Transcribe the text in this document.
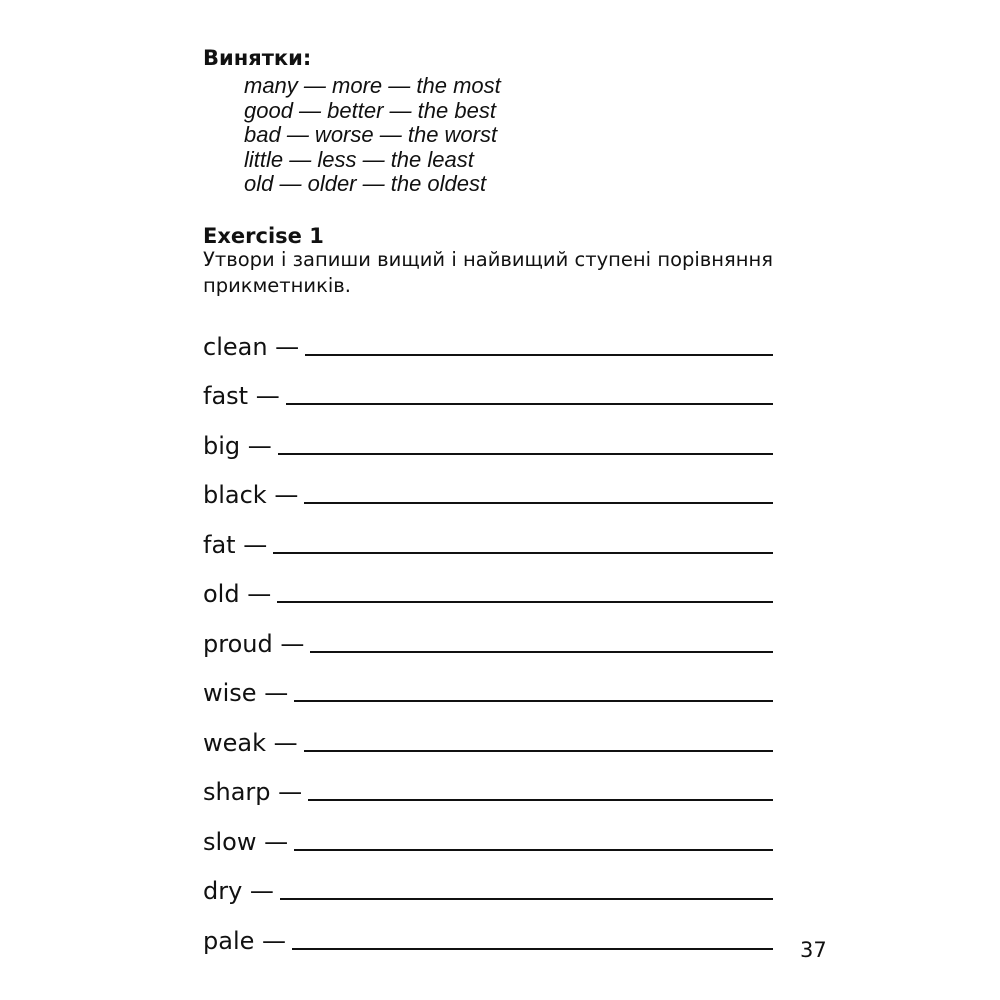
Винятки:
many — more — the most
good — better — the best
bad — worse — the worst
little — less — the least
old — older — the oldest
Exercise 1

Утвори і запиши вищий і найвищий ступені порівняння прикметників.

clean —
fast —
big —
black —
fat —
old —
proud —
wise —
weak —
sharp —
slow —
dry —
pale —	37
